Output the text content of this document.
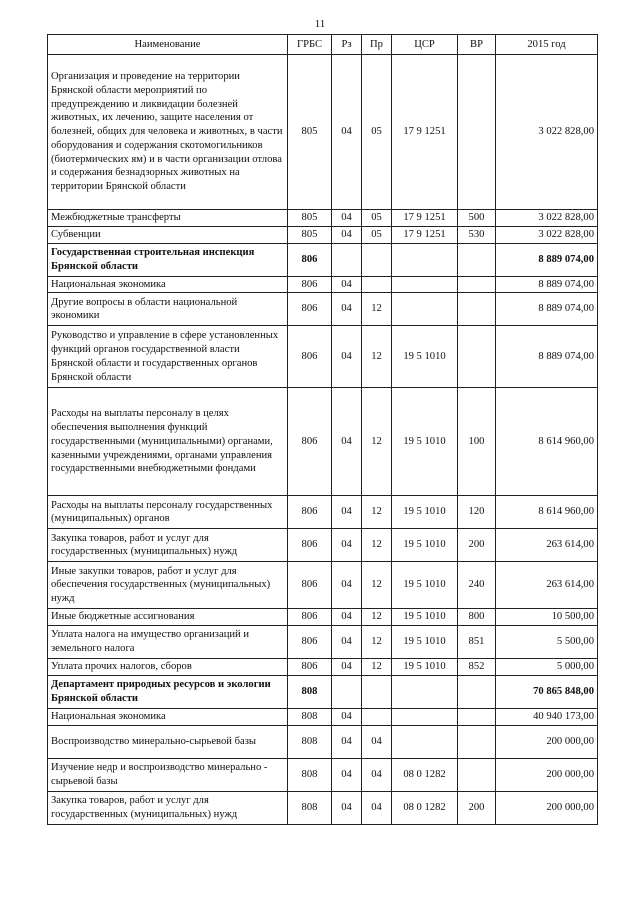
11
Наименование	ГРБС	Рз	Пр	ЦСР	ВР	2015 год
Организация и проведение на территории Брянской области мероприятий по предупреждению и ликвидации болезней животных, их лечению, защите населения от болезней, общих для человека и животных, в части оборудования и содержания скотомогильников (биотермических ям) и в части организации отлова и содержания безнадзорных животных на территории Брянской области	805	04	05	17 9 1251		3 022 828,00
Межбюджетные трансферты	805	04	05	17 9 1251	500	3 022 828,00
Субвенции	805	04	05	17 9 1251	530	3 022 828,00
Государственная строительная инспекция Брянской области	806					8 889 074,00
Национальная экономика	806	04				8 889 074,00
Другие вопросы в области национальной экономики	806	04	12			8 889 074,00
Руководство и управление в сфере установленных функций органов государственной власти Брянской области и государственных органов Брянской области	806	04	12	19 5 1010		8 889 074,00
Расходы на выплаты персоналу в целях обеспечения выполнения функций государственными (муниципальными) органами, казенными учреждениями, органами управления государственными внебюджетными фондами	806	04	12	19 5 1010	100	8 614 960,00
Расходы на выплаты персоналу государственных (муниципальных) органов	806	04	12	19 5 1010	120	8 614 960,00
Закупка товаров, работ и услуг для государственных (муниципальных) нужд	806	04	12	19 5 1010	200	263 614,00
Иные закупки товаров, работ и услуг для обеспечения государственных (муниципальных) нужд	806	04	12	19 5 1010	240	263 614,00
Иные бюджетные ассигнования	806	04	12	19 5 1010	800	10 500,00
Уплата налога на имущество организаций и земельного налога	806	04	12	19 5 1010	851	5 500,00
Уплата прочих налогов, сборов	806	04	12	19 5 1010	852	5 000,00
Департамент природных ресурсов и экологии Брянской области	808					70 865 848,00
Национальная экономика	808	04				40 940 173,00
Воспроизводство минерально-сырьевой базы	808	04	04			200 000,00
Изучение недр и воспроизводство минерально - сырьевой базы	808	04	04	08 0 1282		200 000,00
Закупка товаров, работ и услуг для государственных (муниципальных) нужд	808	04	04	08 0 1282	200	200 000,00
